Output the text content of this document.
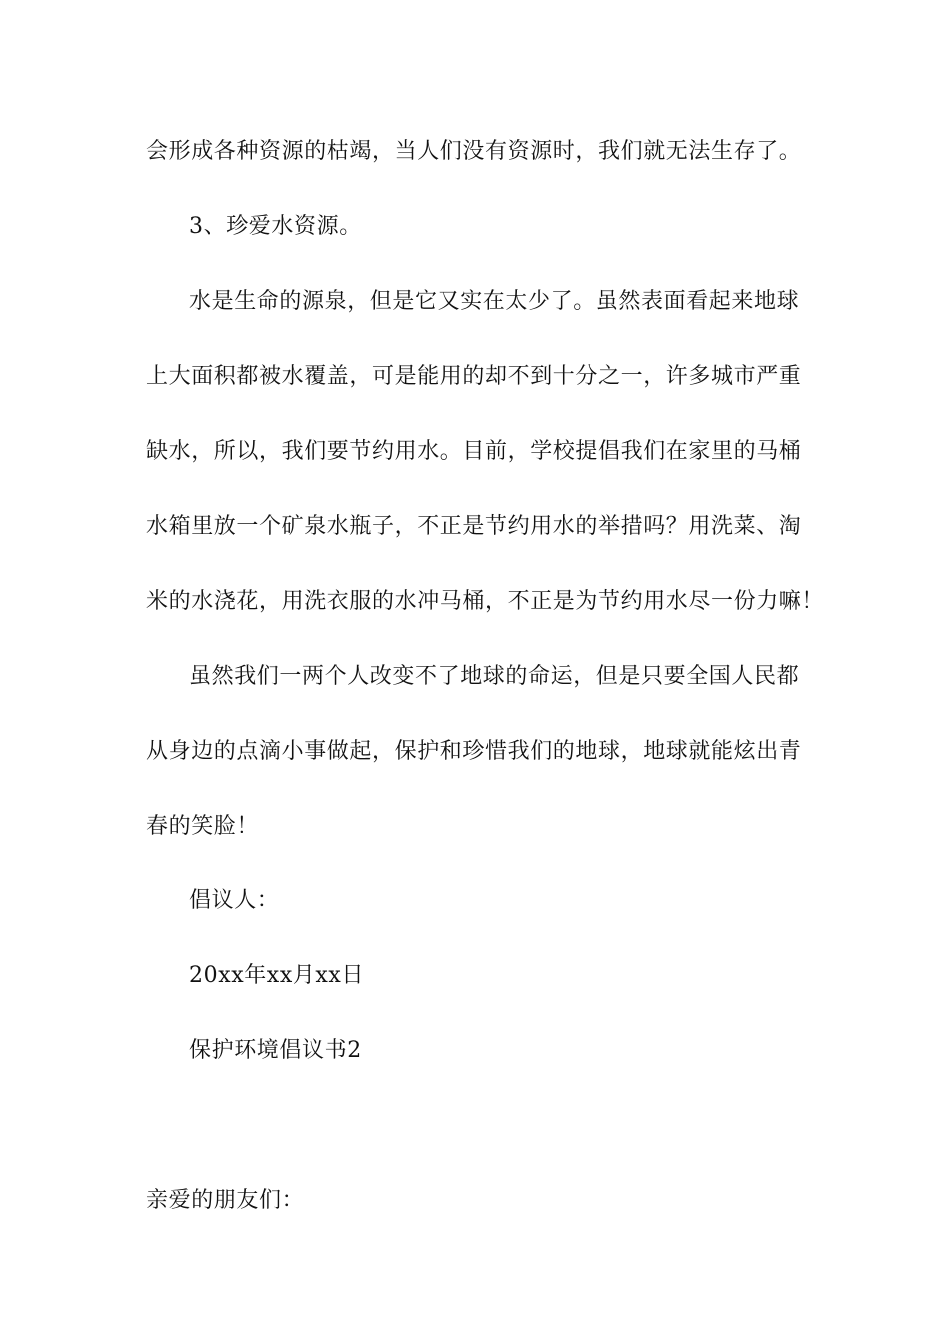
会形成各种资源的枯竭，当人们没有资源时，我们就无法生存了。
3、珍爱水资源。
水是生命的源泉，但是它又实在太少了。虽然表面看起来地球
上大面积都被水覆盖，可是能用的却不到十分之一，许多城市严重
缺水，所以，我们要节约用水。目前，学校提倡我们在家里的马桶
水箱里放一个矿泉水瓶子，不正是节约用水的举措吗？用洗菜、淘
米的水浇花，用洗衣服的水冲马桶，不正是为节约用水尽一份力嘛！
虽然我们一两个人改变不了地球的命运，但是只要全国人民都
从身边的点滴小事做起，保护和珍惜我们的地球，地球就能炫出青
春的笑脸！
倡议人：
20xx年xx月xx日
保护环境倡议书2
亲爱的朋友们：
